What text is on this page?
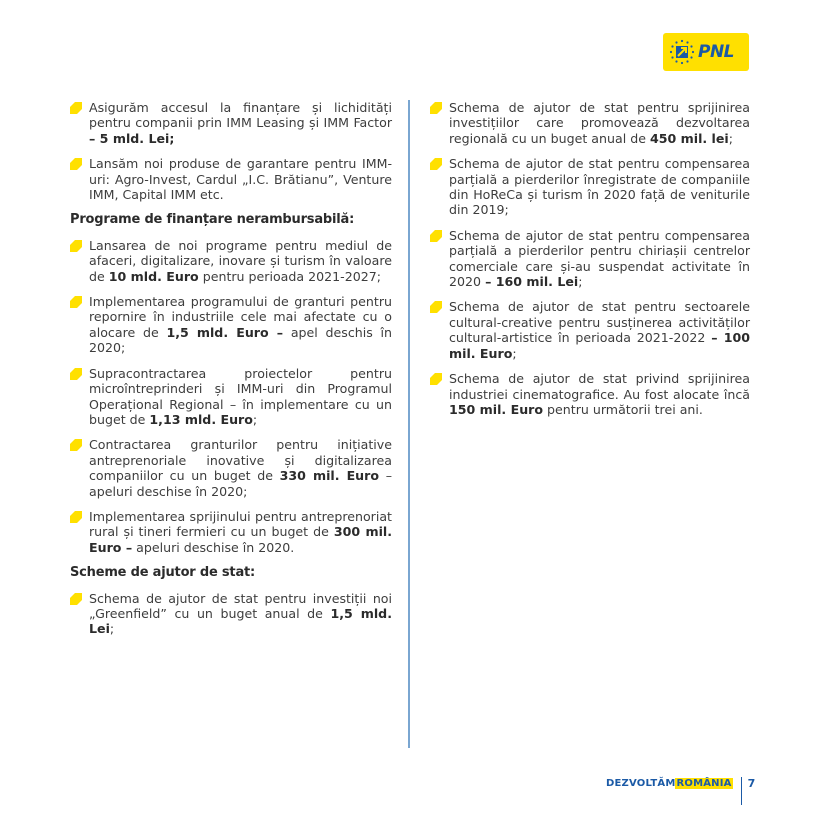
PNL
Asigurăm accesul la finanțare și lichidități pentru companii prin IMM Leasing și IMM Factor – 5 mld. Lei;
Lansăm noi produse de garantare pentru IMM-uri: Agro-Invest, Cardul „I.C. Brătianu”, Venture IMM, Capital IMM etc.
Programe de finanțare nerambursabilă:
Lansarea de noi programe pentru mediul de afaceri, digitalizare, inovare și turism în valoare de 10 mld. Euro pentru perioada 2021-2027;
Implementarea programului de granturi pentru repornire în industriile cele mai afectate cu o alocare de 1,5 mld. Euro – apel deschis în 2020;
Supracontractarea proiectelor pentru microîntreprinderi și IMM-uri din Programul Operațional Regional – în implementare cu un buget de 1,13 mld. Euro;
Contractarea granturilor pentru inițiative antreprenoriale inovative și digitalizarea companiilor cu un buget de 330 mil. Euro – apeluri deschise în 2020;
Implementarea sprijinului pentru antreprenoriat rural și tineri fermieri cu un buget de 300 mil. Euro – apeluri deschise în 2020.
Scheme de ajutor de stat:
Schema de ajutor de stat pentru investiții noi „Greenfield” cu un buget anual de 1,5 mld. Lei;
Schema de ajutor de stat pentru sprijinirea investițiilor care promovează dezvoltarea regională cu un buget anual de 450 mil. lei;
Schema de ajutor de stat pentru compensarea parțială a pierderilor înregistrate de companiile din HoReCa și turism în 2020 față de veniturile din 2019;
Schema de ajutor de stat pentru compensarea parțială a pierderilor pentru chiriașii centrelor comerciale care și-au suspendat activitate în 2020 – 160 mil. Lei;
Schema de ajutor de stat pentru sectoarele cultural-creative pentru susținerea activităților cultural-artistice în perioada 2021-2022 – 100 mil. Euro;
Schema de ajutor de stat privind sprijinirea industriei cinematografice. Au fost alocate încă 150 mil. Euro pentru următorii trei ani.
DEZVOLTĂM ROMÂNIA 7
